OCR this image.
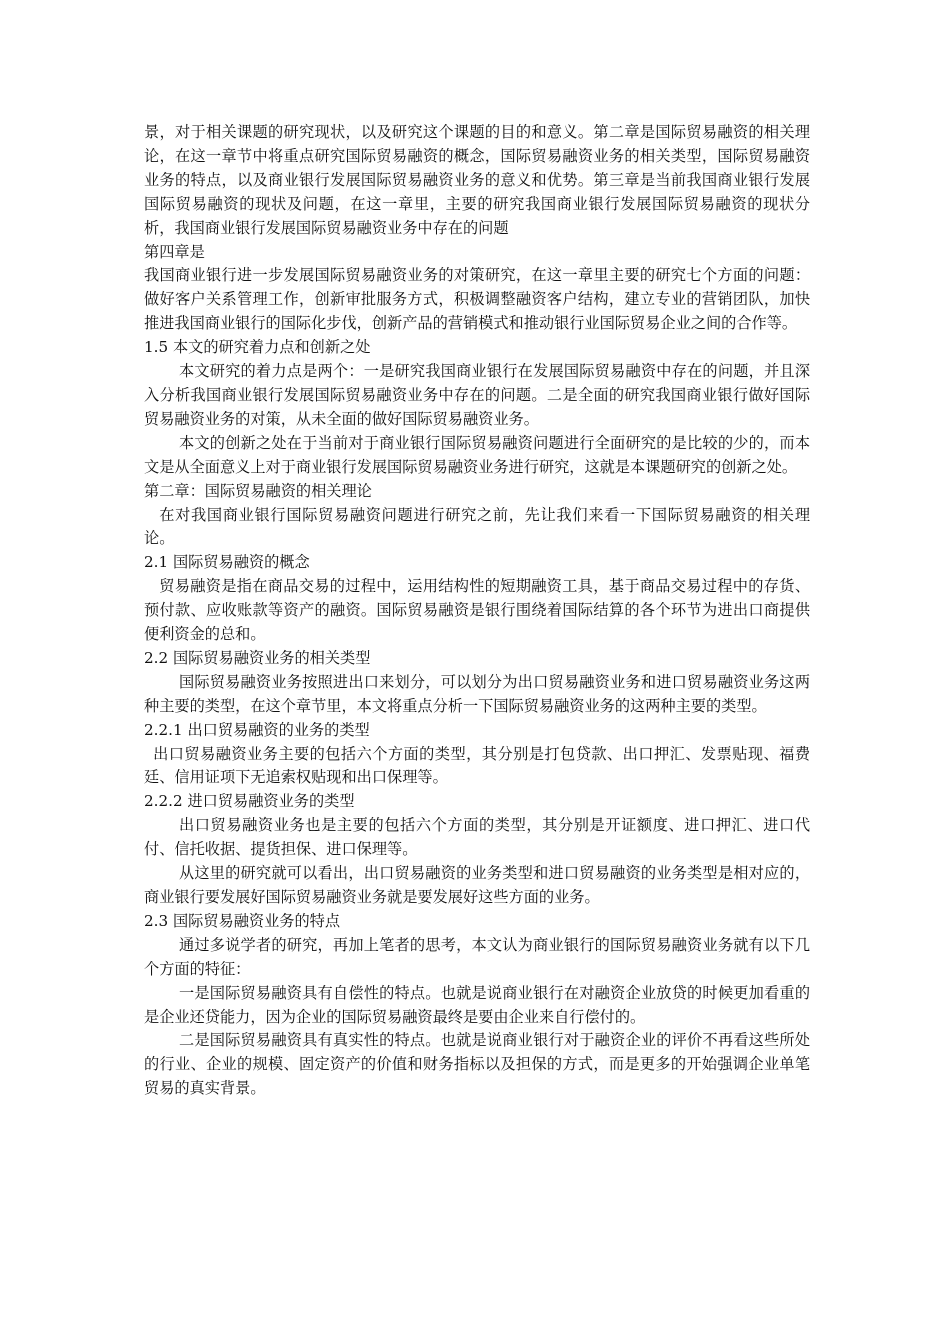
景，对于相关课题的研究现状，以及研究这个课题的目的和意义。第二章是国际贸易融资的相关理论，在这一章节中将重点研究国际贸易融资的概念，国际贸易融资业务的相关类型，国际贸易融资业务的特点，以及商业银行发展国际贸易融资业务的意义和优势。第三章是当前我国商业银行发展国际贸易融资的现状及问题，在这一章里，主要的研究我国商业银行发展国际贸易融资的现状分析，我国商业银行发展国际贸易融资业务中存在的问题

第四章是

我国商业银行进一步发展国际贸易融资业务的对策研究，在这一章里主要的研究七个方面的问题：做好客户关系管理工作，创新审批服务方式，积极调整融资客户结构，建立专业的营销团队，加快推进我国商业银行的国际化步伐，创新产品的营销模式和推动银行业国际贸易企业之间的合作等。

1.5 本文的研究着力点和创新之处

本文研究的着力点是两个：一是研究我国商业银行在发展国际贸易融资中存在的问题，并且深入分析我国商业银行发展国际贸易融资业务中存在的问题。二是全面的研究我国商业银行做好国际贸易融资业务的对策，从未全面的做好国际贸易融资业务。

本文的创新之处在于当前对于商业银行国际贸易融资问题进行全面研究的是比较的少的，而本文是从全面意义上对于商业银行发展国际贸易融资业务进行研究，这就是本课题研究的创新之处。

第二章：国际贸易融资的相关理论

在对我国商业银行国际贸易融资问题进行研究之前，先让我们来看一下国际贸易融资的相关理论。

2.1 国际贸易融资的概念

贸易融资是指在商品交易的过程中，运用结构性的短期融资工具，基于商品交易过程中的存货、预付款、应收账款等资产的融资。国际贸易融资是银行围绕着国际结算的各个环节为进出口商提供便利资金的总和。

2.2 国际贸易融资业务的相关类型

国际贸易融资业务按照进出口来划分，可以划分为出口贸易融资业务和进口贸易融资业务这两种主要的类型，在这个章节里，本文将重点分析一下国际贸易融资业务的这两种主要的类型。

2.2.1 出口贸易融资的业务的类型

出口贸易融资业务主要的包括六个方面的类型，其分别是打包贷款、出口押汇、发票贴现、福费廷、信用证项下无追索权贴现和出口保理等。

2.2.2 进口贸易融资业务的类型

出口贸易融资业务也是主要的包括六个方面的类型，其分别是开证额度、进口押汇、进口代付、信托收据、提货担保、进口保理等。

从这里的研究就可以看出，出口贸易融资的业务类型和进口贸易融资的业务类型是相对应的，商业银行要发展好国际贸易融资业务就是要发展好这些方面的业务。

2.3 国际贸易融资业务的特点

通过多说学者的研究，再加上笔者的思考，本文认为商业银行的国际贸易融资业务就有以下几个方面的特征：

一是国际贸易融资具有自偿性的特点。也就是说商业银行在对融资企业放贷的时候更加看重的是企业还贷能力，因为企业的国际贸易融资最终是要由企业来自行偿付的。

二是国际贸易融资具有真实性的特点。也就是说商业银行对于融资企业的评价不再看这些所处的行业、企业的规模、固定资产的价值和财务指标以及担保的方式，而是更多的开始强调企业单笔贸易的真实背景。
